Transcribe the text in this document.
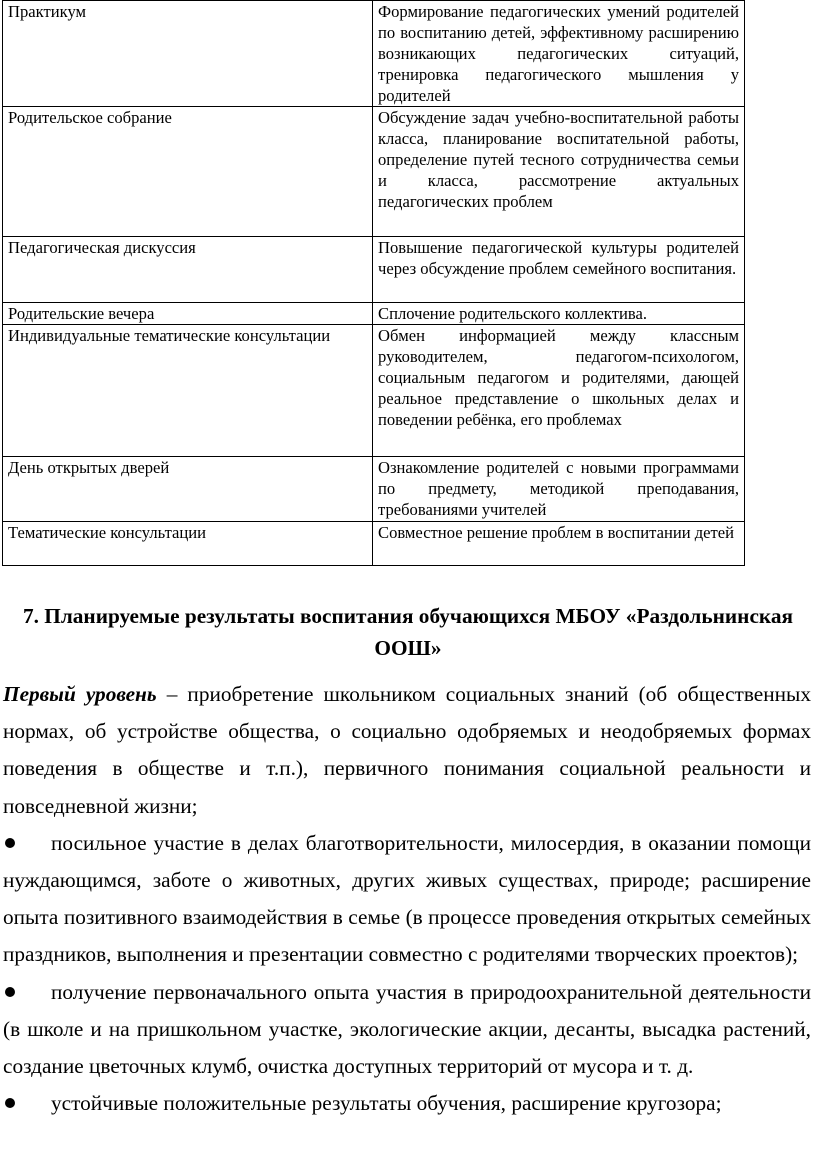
Практикум	Формирование педагогических умений родителей по воспитанию детей, эффективному расширению возникающих педагогических ситуаций, тренировка педагогического мышления у родителей
Родительское собрание	Обсуждение задач учебно-воспитательной работы класса, планирование воспитательной работы, определение путей тесного сотрудничества семьи и класса, рассмотрение актуальных педагогических проблем
Педагогическая дискуссия	Повышение педагогической культуры родителей через обсуждение проблем семейного воспитания.
Родительские вечера	Сплочение родительского коллектива.
Индивидуальные тематические консультации	Обмен информацией между классным руководителем, педагогом-психологом, социальным педагогом и родителями, дающей реальное представление о школьных делах и поведении ребёнка, его проблемах
День открытых дверей	Ознакомление родителей с новыми программами по предмету, методикой преподавания, требованиями учителей
Тематические консультации	Совместное решение проблем в воспитании детей
7. Планируемые результаты воспитания обучающихся МБОУ «Раздольнинская ООШ»

Первый уровень – приобретение школьником социальных знаний (об общественных нормах, об устройстве общества, о социально одобряемых и неодобряемых формах поведения в обществе и т.п.), первичного понимания социальной реальности и повседневной жизни;

посильное участие в делах благотворительности, милосердия, в оказании помощи нуждающимся, заботе о животных, других живых существах, природе; расширение опыта позитивного взаимодействия в семье (в процессе проведения открытых семейных праздников, выполнения и презентации совместно с родителями творческих проектов);

получение первоначального опыта участия в природоохранительной деятельности (в школе и на пришкольном участке, экологические акции, десанты, высадка растений, создание цветочных клумб, очистка доступных территорий от мусора и т. д.

устойчивые положительные результаты обучения, расширение кругозора;
